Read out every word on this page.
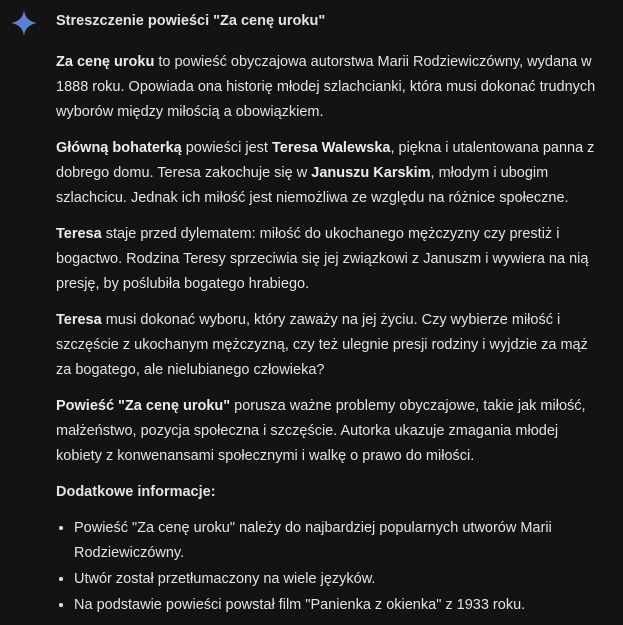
Streszczenie powieści "Za cenę uroku"

Za cenę uroku to powieść obyczajowa autorstwa Marii Rodziewiczówny, wydana w 1888 roku. Opowiada ona historię młodej szlachcianki, która musi dokonać trudnych wyborów między miłością a obowiązkiem.

Główną bohaterką powieści jest Teresa Walewska, piękna i utalentowana panna z dobrego domu. Teresa zakochuje się w Januszu Karskim, młodym i ubogim szlachcicu. Jednak ich miłość jest niemożliwa ze względu na różnice społeczne.

Teresa staje przed dylematem: miłość do ukochanego mężczyzny czy prestiż i bogactwo. Rodzina Teresy sprzeciwia się jej związkowi z Januszm i wywiera na nią presję, by poślubiła bogatego hrabiego.

Teresa musi dokonać wyboru, który zaważy na jej życiu. Czy wybierze miłość i szczęście z ukochanym mężczyzną, czy też ulegnie presji rodziny i wyjdzie za mąż za bogatego, ale nielubianego człowieka?

Powieść "Za cenę uroku" porusza ważne problemy obyczajowe, takie jak miłość, małżeństwo, pozycja społeczna i szczęście. Autorka ukazuje zmagania młodej kobiety z konwenansami społecznymi i walkę o prawo do miłości.

Dodatkowe informacje:
• Powieść "Za cenę uroku" należy do najbardziej popularnych utworów Marii Rodziewiczówny.
• Utwór został przetłumaczony na wiele języków.
• Na podstawie powieści powstał film "Panienka z okienka" z 1933 roku.
